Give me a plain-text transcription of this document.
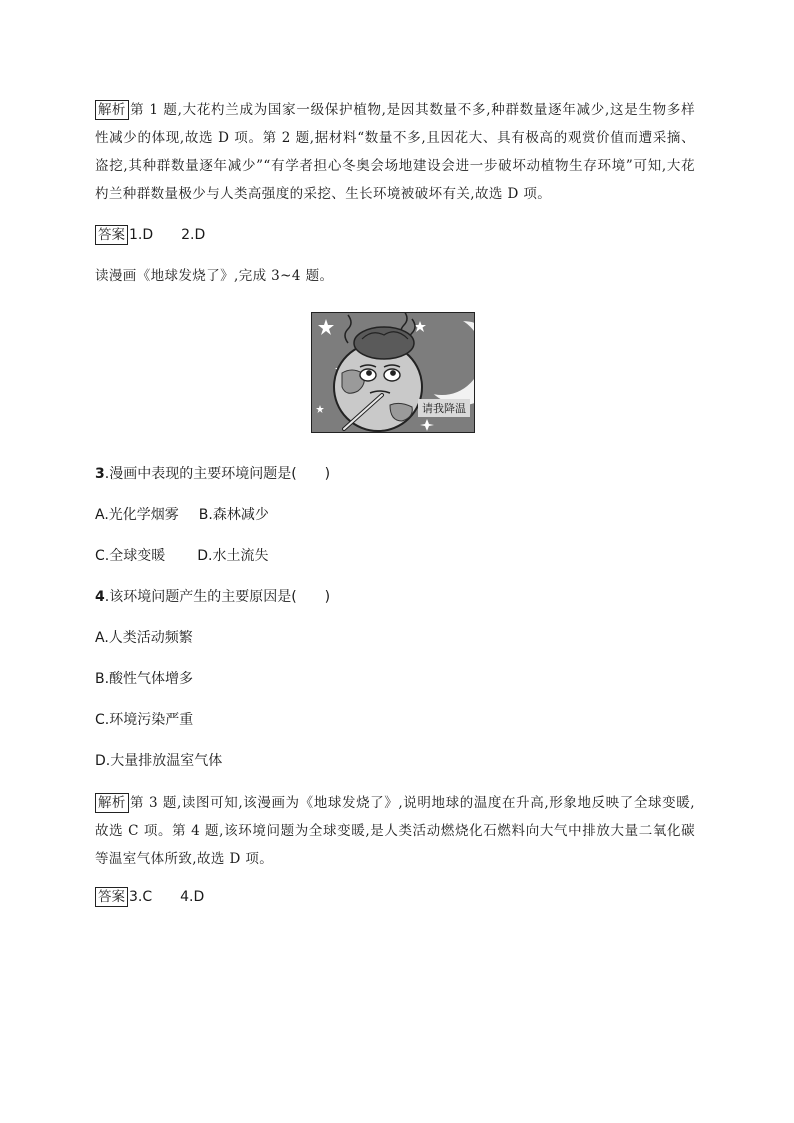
解析 第 1 题,大花杓兰成为国家一级保护植物,是因其数量不多,种群数量逐年减少,这是生物多样性减少的体现,故选 D 项。第 2 题,据材料“数量不多,且因花大、具有极高的观赏价值而遭采摘、盗挖,其种群数量逐年减少”“有学者担心冬奥会场地建设会进一步破坏动植物生存环境”可知,大花杓兰种群数量极少与人类高强度的采挖、生长环境被破坏有关,故选 D 项。

答案 1.D 2.D

读漫画《地球发烧了》,完成 3~4 题。

请我降温

3.漫画中表现的主要环境问题是(　　)

A.光化学烟雾 B.森林减少

C.全球变暖 D.水土流失

4.该环境问题产生的主要原因是(　　)

A.人类活动频繁

B.酸性气体增多

C.环境污染严重

D.大量排放温室气体

解析 第 3 题,读图可知,该漫画为《地球发烧了》,说明地球的温度在升高,形象地反映了全球变暖,故选 C 项。第 4 题,该环境问题为全球变暖,是人类活动燃烧化石燃料向大气中排放大量二氧化碳等温室气体所致,故选 D 项。

答案 3.C 4.D
